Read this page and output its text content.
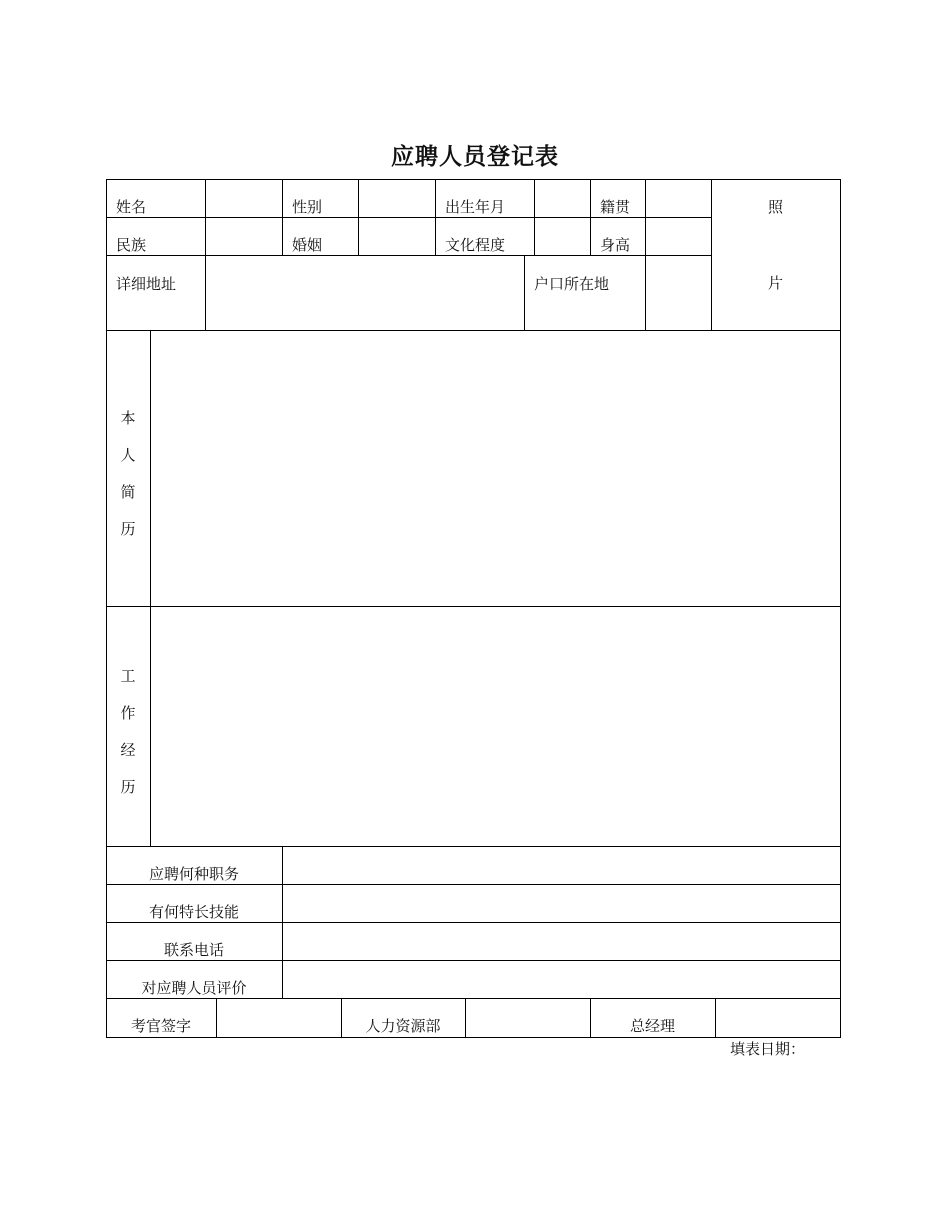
应聘人员登记表
姓名	性别	出生年月	籍贯	照
民族	婚姻	文化程度	身高
片
详细地址	户口所在地
本
人
简
历
工
作
经
历
应聘何种职务
有何特长技能
联系电话
对应聘人员评价
考官签字	人力资源部	总经理
填表日期：
